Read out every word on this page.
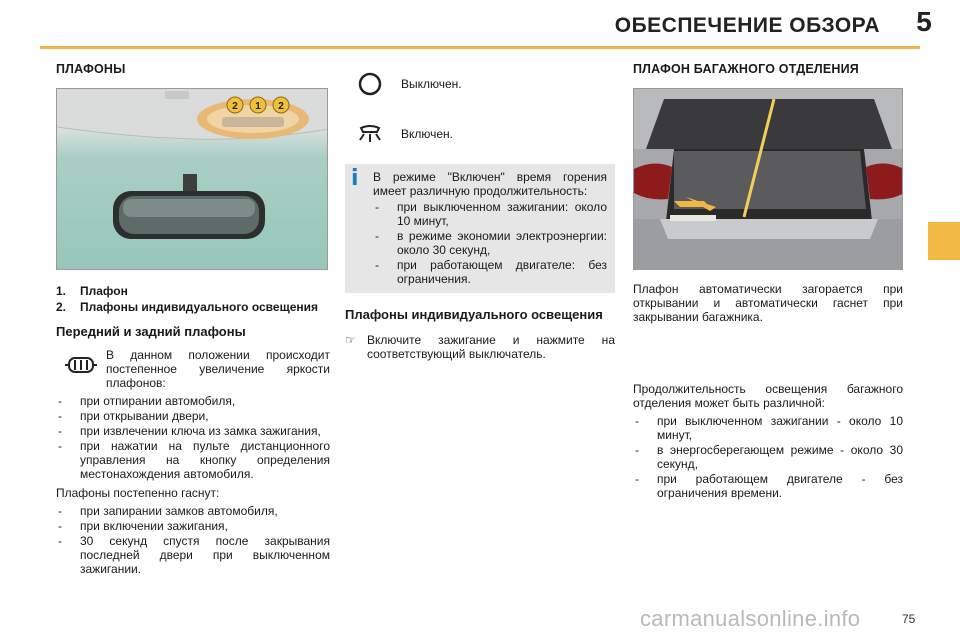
ОБЕСПЕЧЕНИЕ ОБЗОРА	5
ПЛАФОНЫ
2 1 2
1.	Плафон
2.	Плафоны индивидуального освещения
Передний и задний плафоны
В данном положении происходит постепенное увеличение яркости плафонов:
- при отпирании автомобиля,
- при открывании двери,
- при извлечении ключа из замка зажигания,
- при нажатии на пульте дистанционного управления на кнопку определения местонахождения автомобиля.
Плафоны постепенно гаснут:
- при запирании замков автомобиля,
- при включении зажигания,
- 30 секунд спустя после закрывания последней двери при выключенном зажигании.
Выключен.
Включен.
i В режиме "Включен" время горения имеет различную продолжительность:
- при выключенном зажигании: около 10 минут,
- в режиме экономии электроэнергии: около 30 секунд,
- при работающем двигателе: без ограничения.
Плафоны индивидуального освещения
☞ Включите зажигание и нажмите на соответствующий выключатель.
ПЛАФОН БАГАЖНОГО ОТДЕЛЕНИЯ
Плафон автоматически загорается при открывании и автоматически гаснет при закрывании багажника.
Продолжительность освещения багажного отделения может быть различной:
- при выключенном зажигании - около 10 минут,
- в энергосберегающем режиме - около 30 секунд,
- при работающем двигателе - без ограничения времени.
carmanualsonline.info	75
